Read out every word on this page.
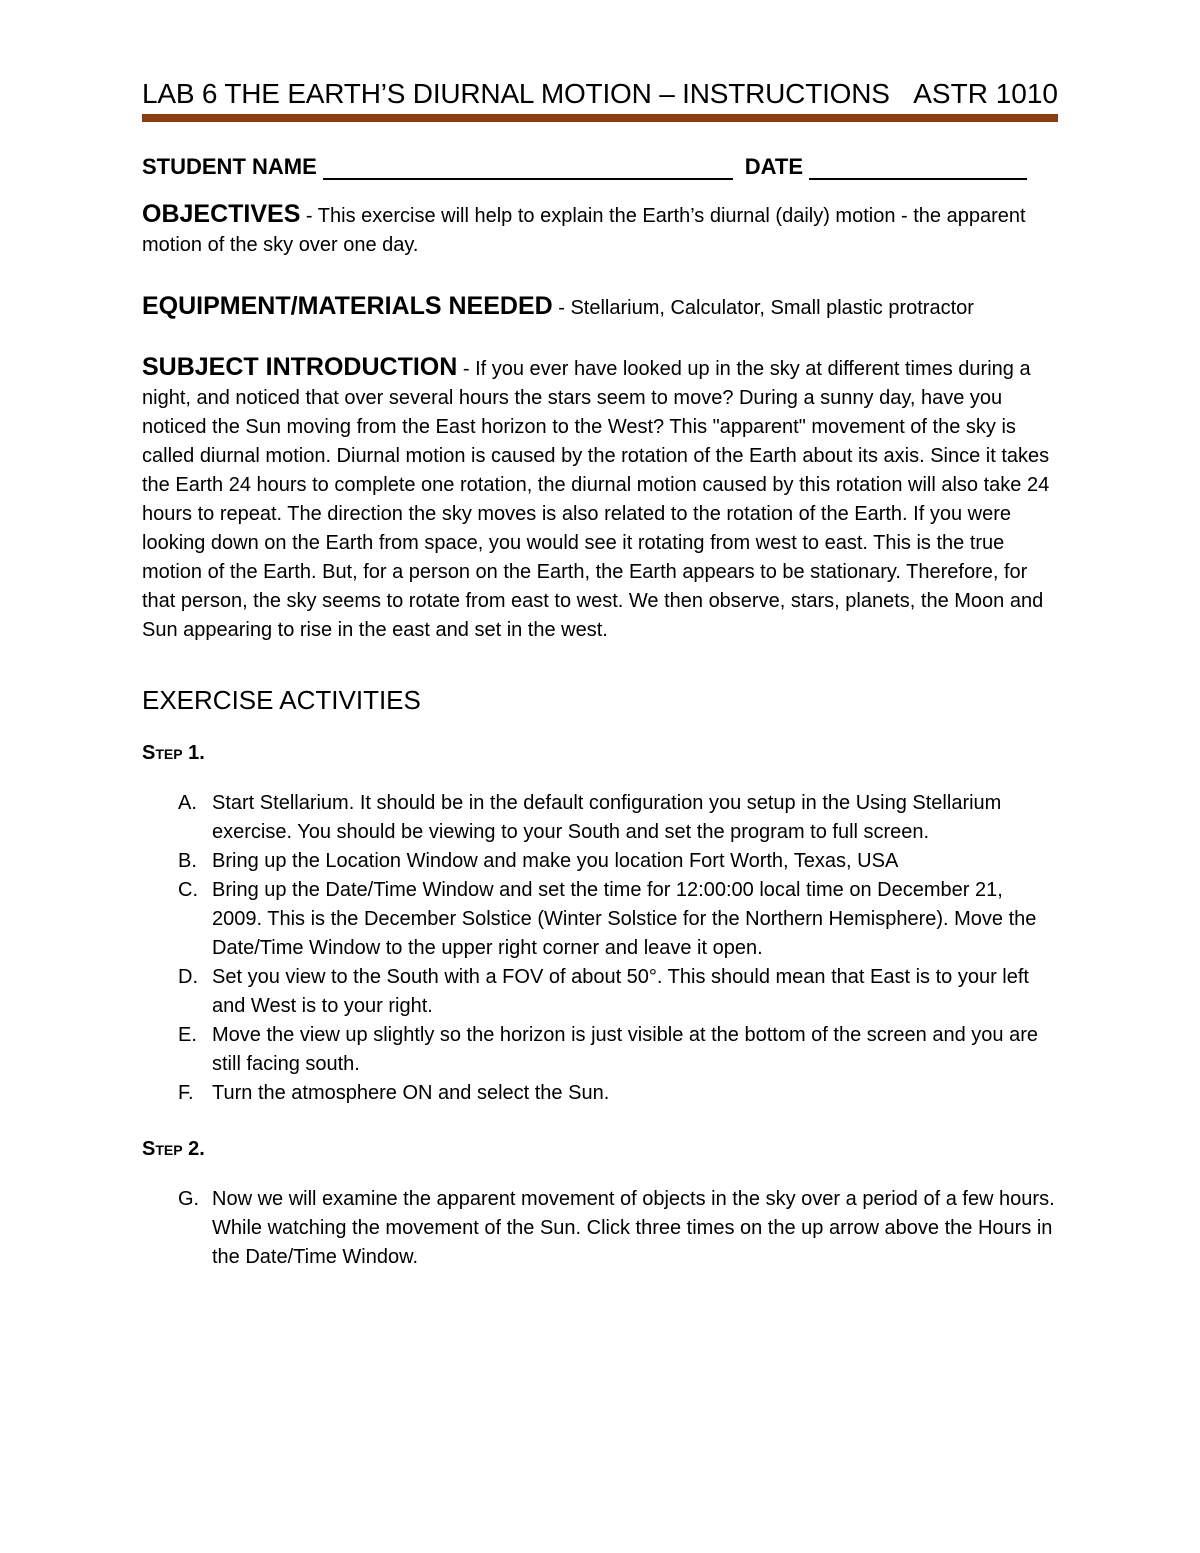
LAB 6 THE EARTH’S DIURNAL MOTION – INSTRUCTIONS ASTR 1010
STUDENT NAME	DATE
OBJECTIVES - This exercise will help to explain the Earth’s diurnal (daily) motion - the apparent motion of the sky over one day.
EQUIPMENT/MATERIALS NEEDED - Stellarium, Calculator, Small plastic protractor
SUBJECT INTRODUCTION - If you ever have looked up in the sky at different times during a night, and noticed that over several hours the stars seem to move? During a sunny day, have you noticed the Sun moving from the East horizon to the West? This "apparent" movement of the sky is called diurnal motion. Diurnal motion is caused by the rotation of the Earth about its axis. Since it takes the Earth 24 hours to complete one rotation, the diurnal motion caused by this rotation will also take 24 hours to repeat. The direction the sky moves is also related to the rotation of the Earth. If you were looking down on the Earth from space, you would see it rotating from west to east. This is the true motion of the Earth. But, for a person on the Earth, the Earth appears to be stationary. Therefore, for that person, the sky seems to rotate from east to west. We then observe, stars, planets, the Moon and Sun appearing to rise in the east and set in the west.
EXERCISE ACTIVITIES
Step 1.
A. Start Stellarium. It should be in the default configuration you setup in the Using Stellarium exercise. You should be viewing to your South and set the program to full screen.
B. Bring up the Location Window and make you location Fort Worth, Texas, USA
C. Bring up the Date/Time Window and set the time for 12:00:00 local time on December 21, 2009. This is the December Solstice (Winter Solstice for the Northern Hemisphere). Move the Date/Time Window to the upper right corner and leave it open.
D. Set you view to the South with a FOV of about 50°. This should mean that East is to your left and West is to your right.
E. Move the view up slightly so the horizon is just visible at the bottom of the screen and you are still facing south.
F. Turn the atmosphere ON and select the Sun.
Step 2.
G. Now we will examine the apparent movement of objects in the sky over a period of a few hours. While watching the movement of the Sun. Click three times on the up arrow above the Hours in the Date/Time Window.
